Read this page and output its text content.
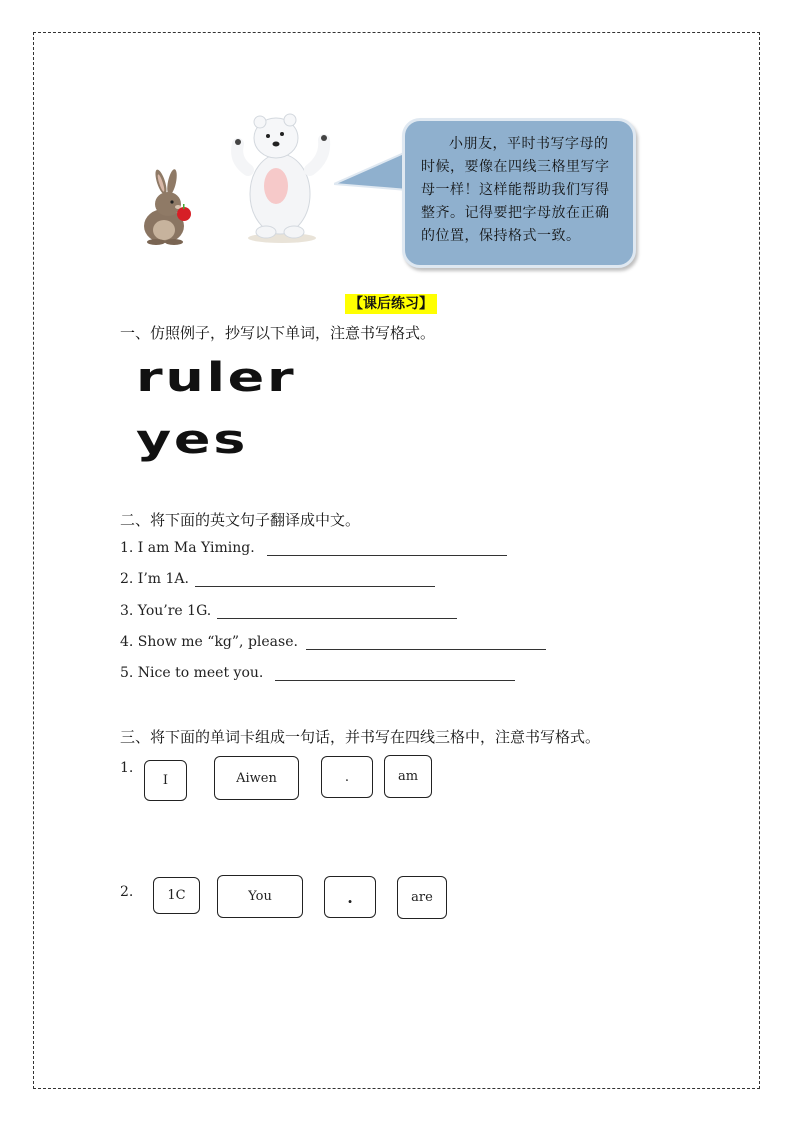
小朋友，平时书写字母的时候，要像在四线三格里写字母一样！这样能帮助我们写得整齐。记得要把字母放在正确的位置，保持格式一致。
【课后练习】
一、仿照例子，抄写以下单词，注意书写格式。
ruler
yes
二、将下面的英文句子翻译成中文。
1. I am Ma Yiming.
2. I’m 1A.
3. You’re 1G.
4. Show me “kg”, please.
5. Nice to meet you.
三、将下面的单词卡组成一句话，并书写在四线三格中，注意书写格式。
1.
I	Aiwen	.	am
2.	1C	You	.	are
